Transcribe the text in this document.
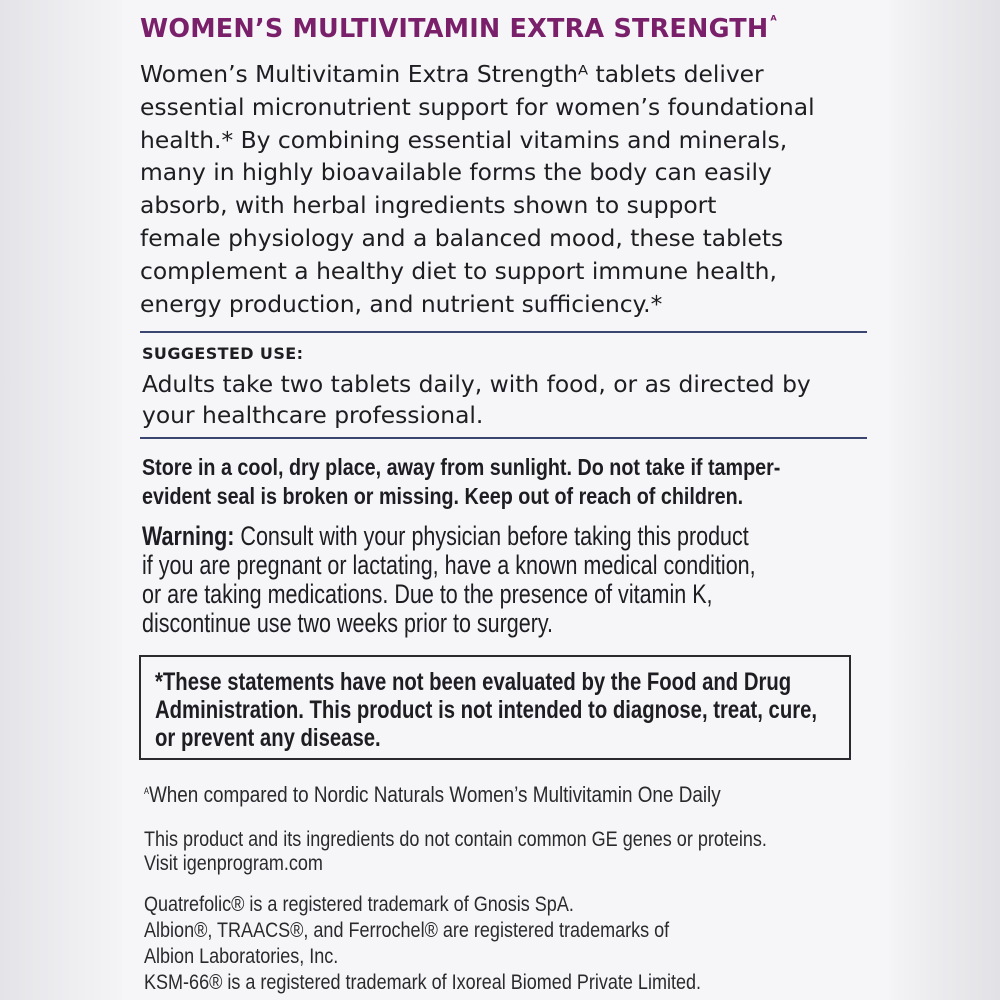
WOMEN’S MULTIVITAMIN EXTRA STRENGTH $^ᴬ$

Women’s Multivitamin Extra Strengthᴬ tablets deliver
essential micronutrient support for women’s foundational
health.* By combining essential vitamins and minerals,
many in highly bioavailable forms the body can easily
absorb, with herbal ingredients shown to support
female physiology and a balanced mood, these tablets
complement a healthy diet to support immune health,
energy production, and nutrient sufficiency.*

SUGGESTED USE:

Adults take two tablets daily, with food, or as directed by
your healthcare professional.

Store in a cool, dry place, away from sunlight. Do not take if tamper-
evident seal is broken or missing. Keep out of reach of children.

Warning: Consult with your physician before taking this product
if you are pregnant or lactating, have a known medical condition,
or are taking medications. Due to the presence of vitamin K,
discontinue use two weeks prior to surgery.

*These statements have not been evaluated by the Food and Drug
Administration. This product is not intended to diagnose, treat, cure,
or prevent any disease.

$^ᴬ$When compared to Nordic Naturals Women’s Multivitamin One Daily

This product and its ingredients do not contain common GE genes or proteins.
Visit igenprogram.com

Quatrefolic® is a registered trademark of Gnosis SpA.
Albion®, TRAACS®, and Ferrochel® are registered trademarks of
Albion Laboratories, Inc.
KSM-66® is a registered trademark of Ixoreal Biomed Private Limited.
